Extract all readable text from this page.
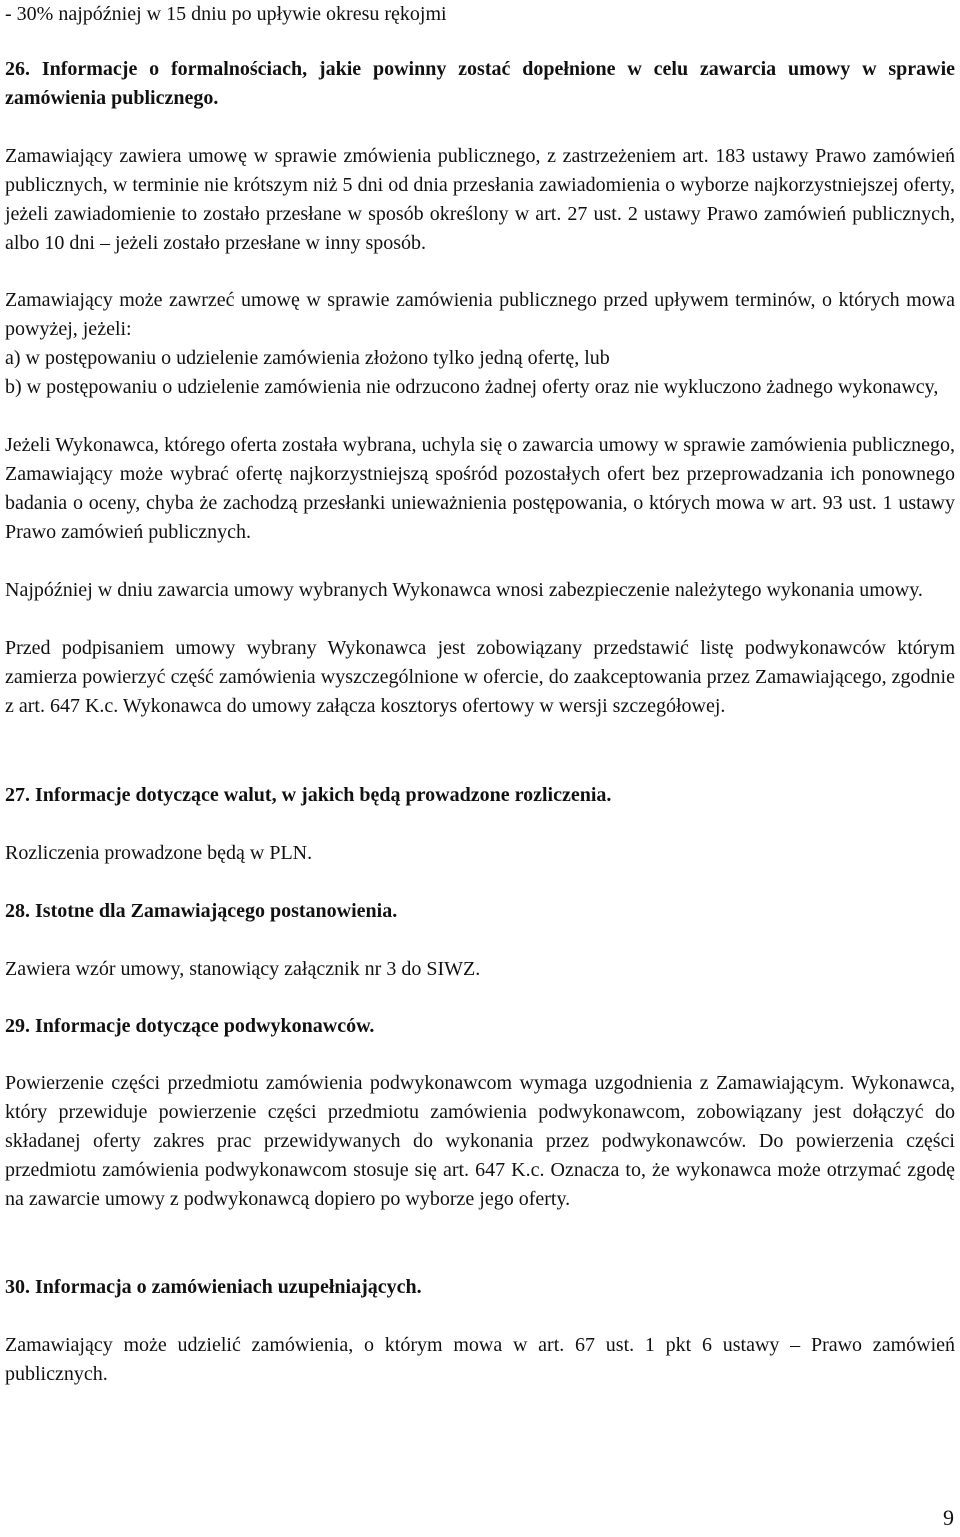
- 30% najpóźniej w 15 dniu po upływie okresu rękojmi

26. Informacje o formalnościach, jakie powinny zostać dopełnione w celu zawarcia umowy w sprawie zamówienia publicznego.

Zamawiający zawiera umowę w sprawie zmówienia publicznego, z zastrzeżeniem art. 183 ustawy Prawo zamówień publicznych, w terminie nie krótszym niż 5 dni od dnia przesłania zawiadomienia o wyborze najkorzystniejszej oferty, jeżeli zawiadomienie to zostało przesłane w sposób określony w art. 27 ust. 2 ustawy Prawo zamówień publicznych, albo 10 dni – jeżeli zostało przesłane w inny sposób.

Zamawiający może zawrzeć umowę w sprawie zamówienia publicznego przed upływem terminów, o których mowa powyżej, jeżeli:

a) w postępowaniu o udzielenie zamówienia złożono tylko jedną ofertę, lub

b) w postępowaniu o udzielenie zamówienia nie odrzucono żadnej oferty oraz nie wykluczono żadnego wykonawcy,

Jeżeli Wykonawca, którego oferta została wybrana, uchyla się o zawarcia umowy w sprawie zamówienia publicznego, Zamawiający może wybrać ofertę najkorzystniejszą spośród pozostałych ofert bez przeprowadzania ich ponownego badania o oceny, chyba że zachodzą przesłanki unieważnienia postępowania, o których mowa w art. 93 ust. 1 ustawy Prawo zamówień publicznych.

Najpóźniej w dniu zawarcia umowy wybranych Wykonawca wnosi zabezpieczenie należytego wykonania umowy.

Przed podpisaniem umowy wybrany Wykonawca jest zobowiązany przedstawić listę podwykonawców którym zamierza powierzyć część zamówienia wyszczególnione w ofercie, do zaakceptowania przez Zamawiającego, zgodnie z art. 647 K.c. Wykonawca do umowy załącza kosztorys ofertowy w wersji szczegółowej.

27. Informacje dotyczące walut, w jakich będą prowadzone rozliczenia.

Rozliczenia prowadzone będą w PLN.

28. Istotne dla Zamawiającego postanowienia.

Zawiera wzór umowy, stanowiący załącznik nr 3 do SIWZ.

29. Informacje dotyczące podwykonawców.

Powierzenie części przedmiotu zamówienia podwykonawcom wymaga uzgodnienia z Zamawiającym. Wykonawca, który przewiduje powierzenie części przedmiotu zamówienia podwykonawcom, zobowiązany jest dołączyć do składanej oferty zakres prac przewidywanych do wykonania przez podwykonawców. Do powierzenia części przedmiotu zamówienia podwykonawcom stosuje się art. 647 K.c. Oznacza to, że wykonawca może otrzymać zgodę na zawarcie umowy z podwykonawcą dopiero po wyborze jego oferty.

30. Informacja o zamówieniach uzupełniających.

Zamawiający może udzielić zamówienia, o którym mowa w art. 67 ust. 1 pkt 6 ustawy – Prawo zamówień publicznych.

9
